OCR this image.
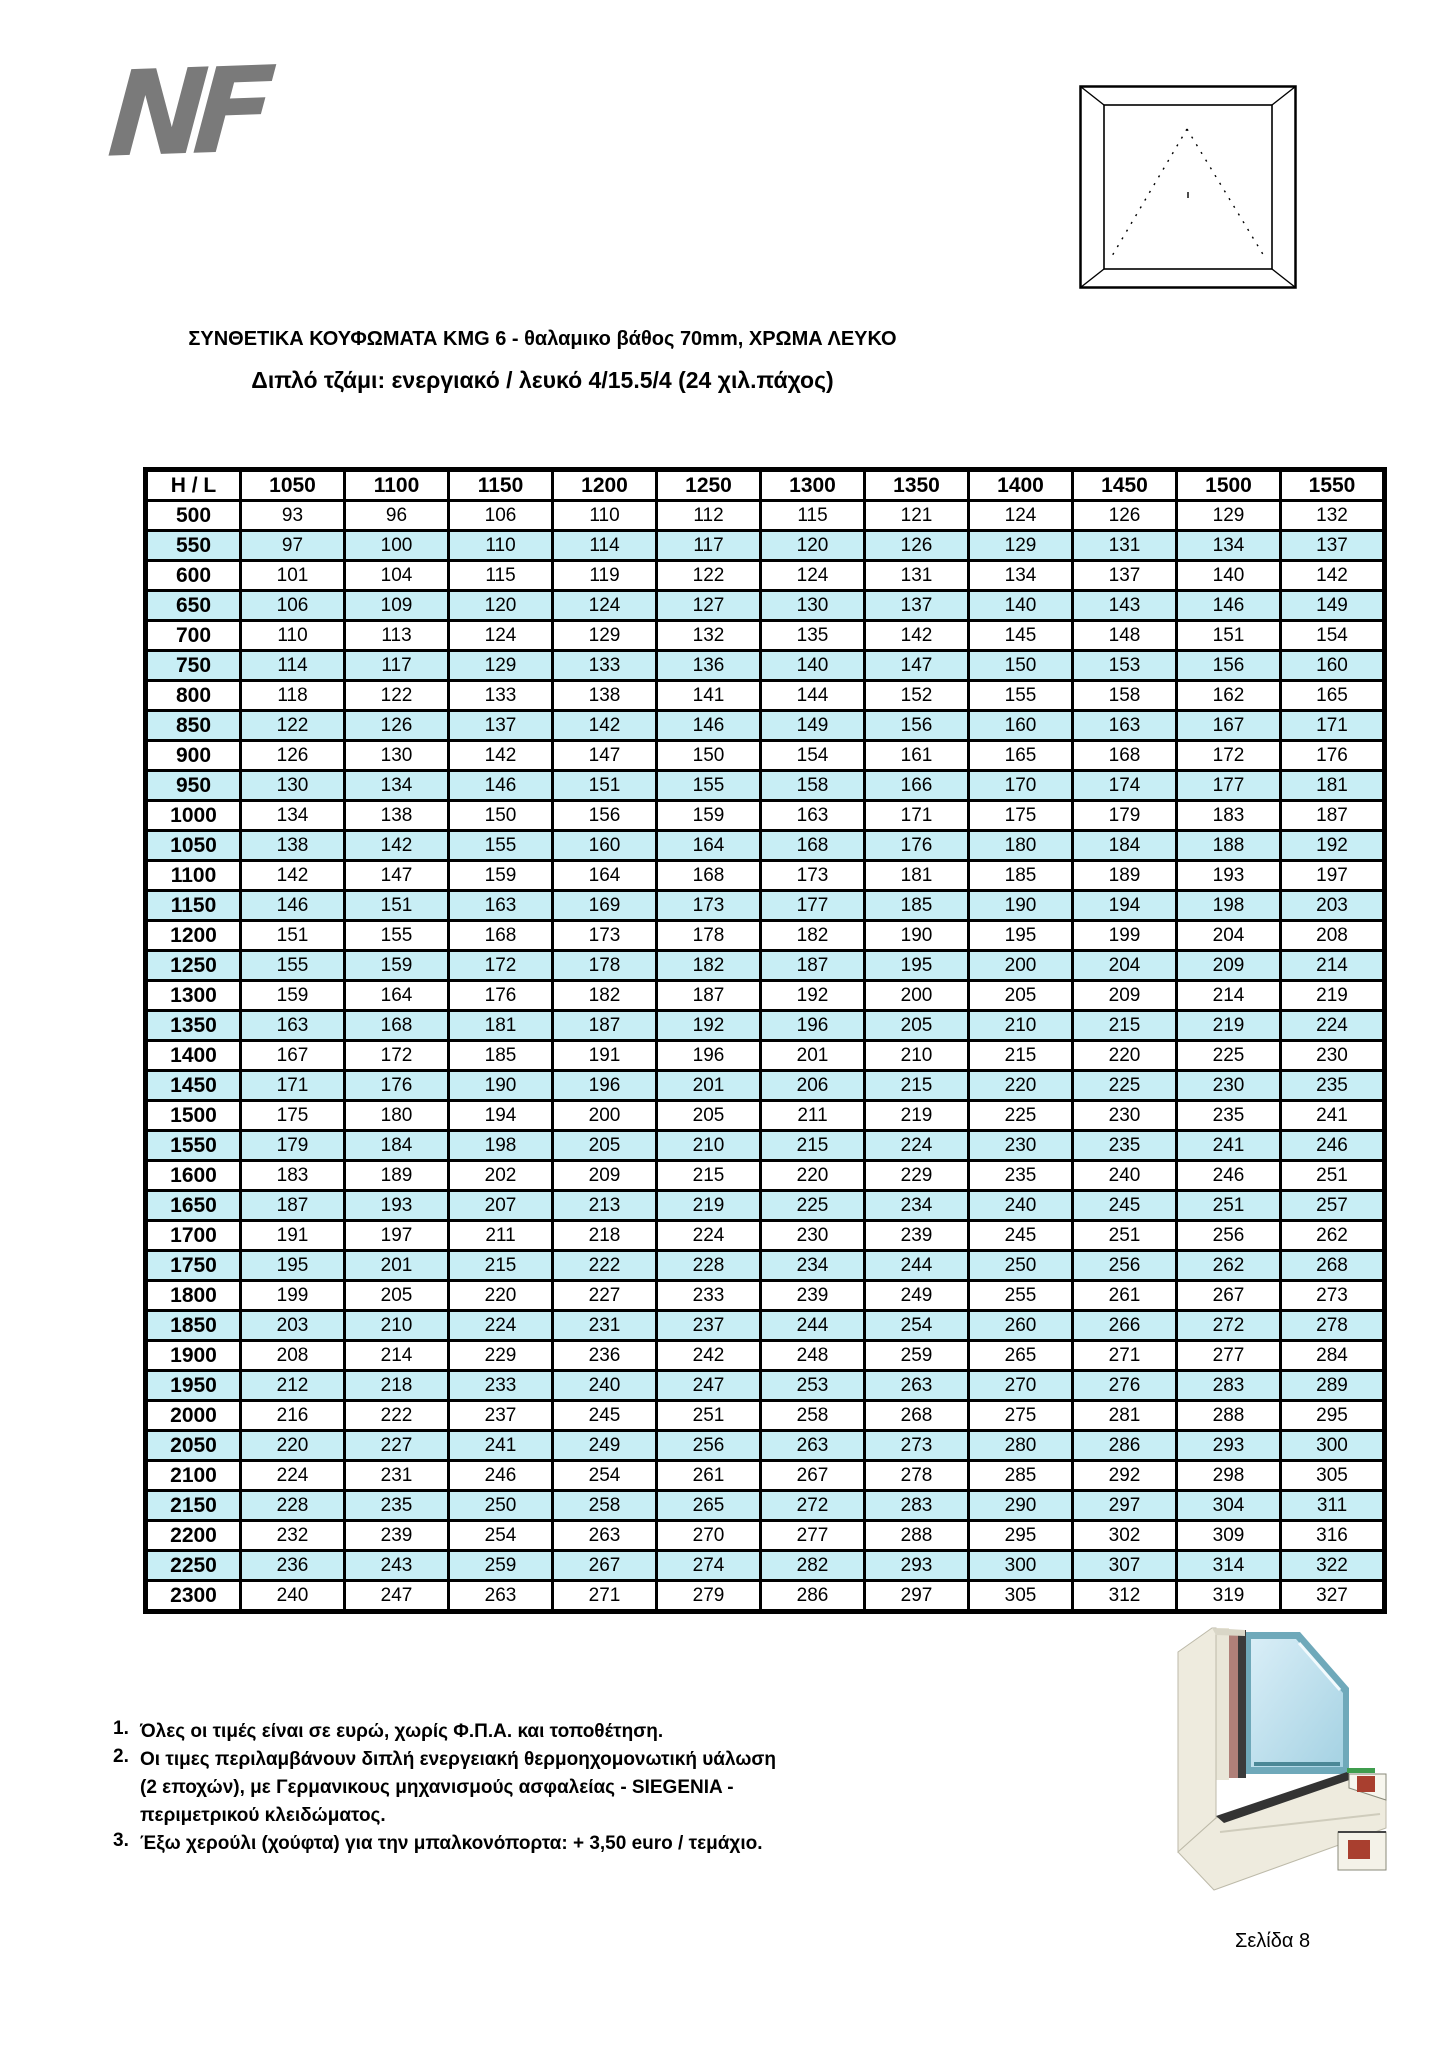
NF
ΣΥΝΘΕΤΙΚΑ ΚΟΥΦΩΜΑΤΑ KMG 6 - θαλαμικο βάθος 70mm, ΧΡΩΜΑ ΛΕΥΚΟ
Διπλό τζάμι: ενεργιακό / λευκό 4/15.5/4 (24 χιλ.πάχος)
H / L	1050	1100	1150	1200	1250	1300	1350	1400	1450	1500	1550
500	93	96	106	110	112	115	121	124	126	129	132
550	97	100	110	114	117	120	126	129	131	134	137
600	101	104	115	119	122	124	131	134	137	140	142
650	106	109	120	124	127	130	137	140	143	146	149
700	110	113	124	129	132	135	142	145	148	151	154
750	114	117	129	133	136	140	147	150	153	156	160
800	118	122	133	138	141	144	152	155	158	162	165
850	122	126	137	142	146	149	156	160	163	167	171
900	126	130	142	147	150	154	161	165	168	172	176
950	130	134	146	151	155	158	166	170	174	177	181
1000	134	138	150	156	159	163	171	175	179	183	187
1050	138	142	155	160	164	168	176	180	184	188	192
1100	142	147	159	164	168	173	181	185	189	193	197
1150	146	151	163	169	173	177	185	190	194	198	203
1200	151	155	168	173	178	182	190	195	199	204	208
1250	155	159	172	178	182	187	195	200	204	209	214
1300	159	164	176	182	187	192	200	205	209	214	219
1350	163	168	181	187	192	196	205	210	215	219	224
1400	167	172	185	191	196	201	210	215	220	225	230
1450	171	176	190	196	201	206	215	220	225	230	235
1500	175	180	194	200	205	211	219	225	230	235	241
1550	179	184	198	205	210	215	224	230	235	241	246
1600	183	189	202	209	215	220	229	235	240	246	251
1650	187	193	207	213	219	225	234	240	245	251	257
1700	191	197	211	218	224	230	239	245	251	256	262
1750	195	201	215	222	228	234	244	250	256	262	268
1800	199	205	220	227	233	239	249	255	261	267	273
1850	203	210	224	231	237	244	254	260	266	272	278
1900	208	214	229	236	242	248	259	265	271	277	284
1950	212	218	233	240	247	253	263	270	276	283	289
2000	216	222	237	245	251	258	268	275	281	288	295
2050	220	227	241	249	256	263	273	280	286	293	300
2100	224	231	246	254	261	267	278	285	292	298	305
2150	228	235	250	258	265	272	283	290	297	304	311
2200	232	239	254	263	270	277	288	295	302	309	316
2250	236	243	259	267	274	282	293	300	307	314	322
2300	240	247	263	271	279	286	297	305	312	319	327
1. Όλες οι τιμές είναι σε ευρώ, χωρίς Φ.Π.Α. και τοποθέτηση.
2. Οι τιμες περιλαμβάνουν διπλή ενεργειακή θερμοηχομονωτική υάλωση
(2 εποχών), με Γερμανικους μηχανισμούς ασφαλείας - SIEGENIA -
περιμετρικού κλειδώματος.
3. Έξω χερούλι (χούφτα) για την μπαλκονόπορτα: + 3,50 euro / τεμάχιο.
Σελίδα 8
